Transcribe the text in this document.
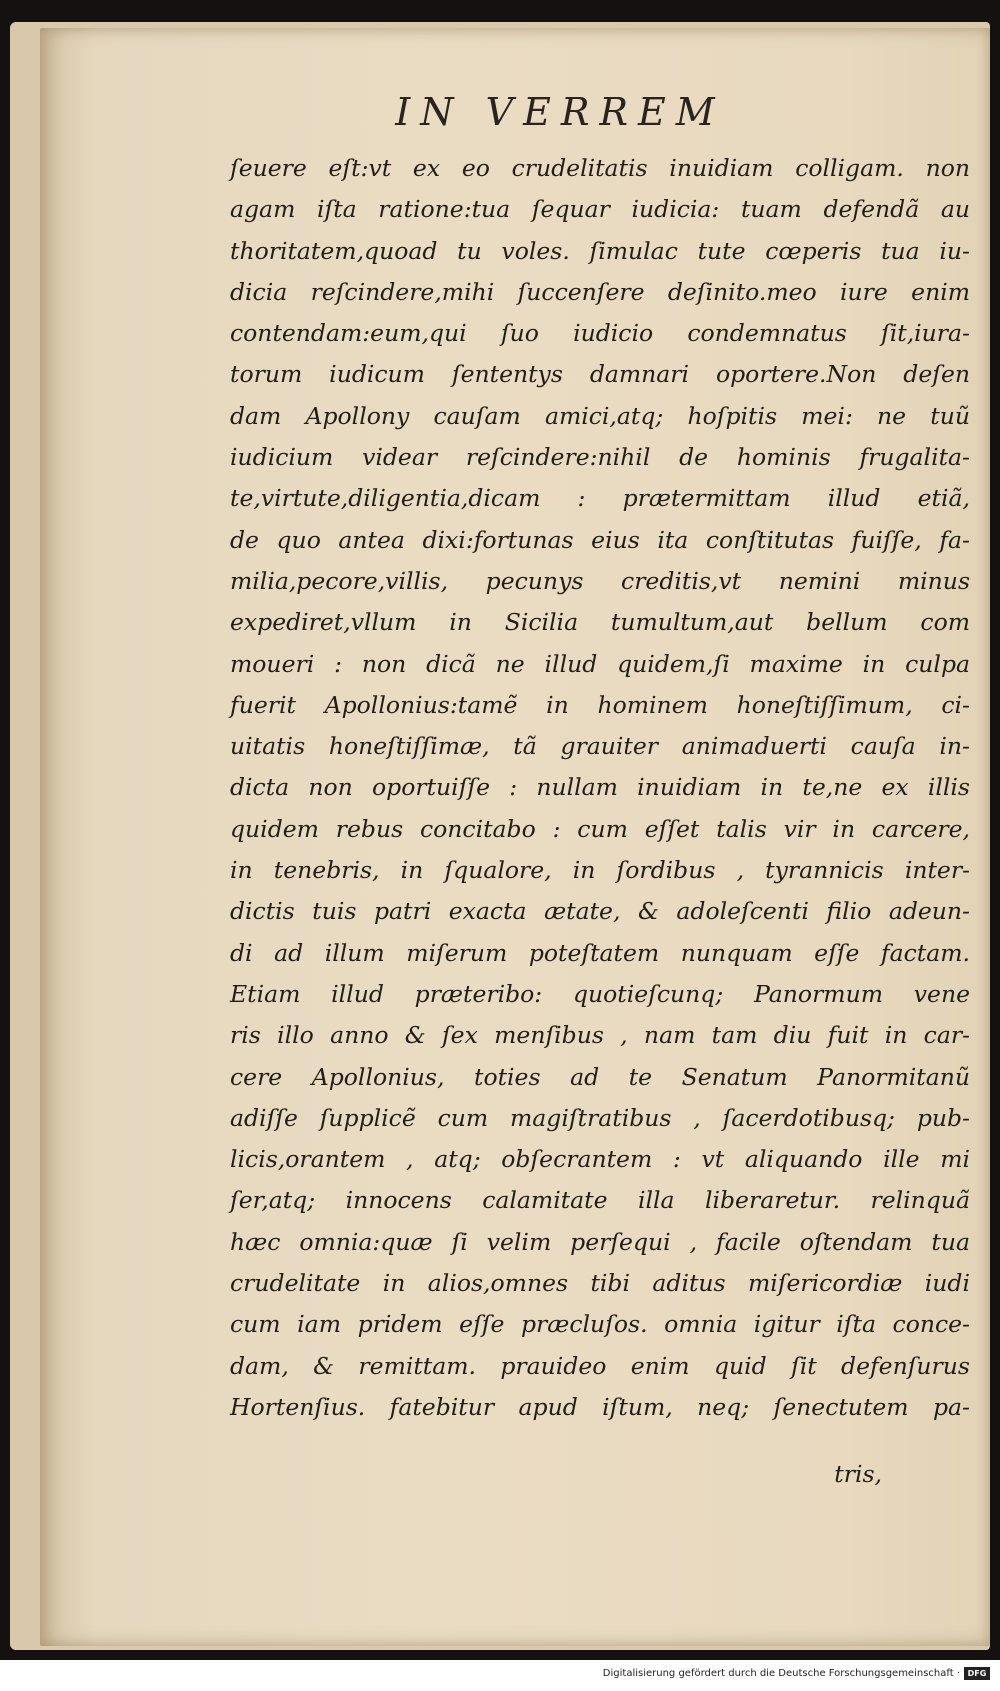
IN VERREM
ſeuere eſt:vt ex eo crudelitatis inuidiam colligam. non
agam iſta ratione:tua ſequar iudicia: tuam defendã au
thoritatem,quoad tu voles. ſimulac tute cœperis tua iu-
dicia reſcindere,mihi ſuccenſere deſinito.meo iure enim
contendam:eum,qui ſuo iudicio condemnatus ſit,iura-
torum iudicum ſententys damnari oportere.Non deſen
dam Apollony cauſam amici,atq; hoſpitis mei: ne tuũ
iudicium videar reſcindere:nihil de hominis frugalita-
te,virtute,diligentia,dicam : prætermittam illud etiã,
de quo antea dixi:fortunas eius ita conſtitutas fuiſſe, fa-
milia,pecore,villis, pecunys creditis,vt nemini minus
expediret,vllum in Sicilia tumultum,aut bellum com
moueri : non dicã ne illud quidem,ſi maxime in culpa
fuerit Apollonius:tamẽ in hominem honeſtiſſimum, ci-
uitatis honeſtiſſimæ, tã grauiter animaduerti cauſa in-
dicta non oportuiſſe : nullam inuidiam in te,ne ex illis
quidem rebus concitabo : cum eſſet talis vir in carcere,
in tenebris, in ſqualore, in ſordibus , tyrannicis inter-
dictis tuis patri exacta ætate, & adoleſcenti filio adeun-
di ad illum miſerum poteſtatem nunquam eſſe factam.
Etiam illud præteribo: quotieſcunq; Panormum vene
ris illo anno & ſex menſibus , nam tam diu fuit in car-
cere Apollonius, toties ad te Senatum Panormitanũ
adiſſe ſupplicẽ cum magiſtratibus , ſacerdotibusq; pub-
licis,orantem , atq; obſecrantem : vt aliquando ille mi
ſer,atq; innocens calamitate illa liberaretur. relinquã
hæc omnia:quæ ſi velim perſequi , facile oſtendam tua
crudelitate in alios,omnes tibi aditus miſericordiæ iudi
cum iam pridem eſſe præcluſos. omnia igitur iſta conce-
dam, & remittam. prauideo enim quid ſit defenſurus
Hortenſius. fatebitur apud iſtum, neq; ſenectutem pa-
tris,
Digitalisierung gefördert durch die Deutsche Forschungsgemeinschaft · DFG
